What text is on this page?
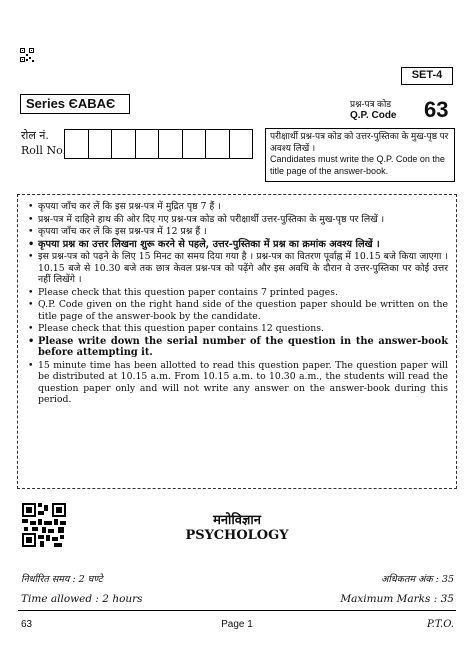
SET-4
Series ЄABAЄ	प्रश्न-पत्र कोड
Q.P. Code 63
रोल नं.
Roll No.

परीक्षार्थी प्रश्न-पत्र कोड को उत्तर-पुस्तिका के मुख-पृष्ठ पर अवश्य लिखें ।

Candidates must write the Q.P. Code on the title page of the answer-book.

• कृपया जाँच कर लें कि इस प्रश्न-पत्र में मुद्रित पृष्ठ 7 हैं ।
• प्रश्न-पत्र में दाहिने हाथ की ओर दिए गए प्रश्न-पत्र कोड को परीक्षार्थी उत्तर-पुस्तिका के मुख-पृष्ठ पर लिखें ।
• कृपया जाँच कर लें कि इस प्रश्न-पत्र में 12 प्रश्न हैं ।
• कृपया प्रश्न का उत्तर लिखना शुरू करने से पहले, उत्तर-पुस्तिका में प्रश्न का क्रमांक अवश्य लिखें ।
• इस प्रश्न-पत्र को पढ़ने के लिए 15 मिनट का समय दिया गया है । प्रश्न-पत्र का वितरण पूर्वाह्न में 10.15 बजे किया जाएगा । 10.15 बजे से 10.30 बजे तक छात्र केवल प्रश्न-पत्र को पढ़ेंगे और इस अवधि के दौरान वे उत्तर-पुस्तिका पर कोई उत्तर नहीं लिखेंगे ।
• Please check that this question paper contains 7 printed pages.
• Q.P. Code given on the right hand side of the question paper should be written on the title page of the answer-book by the candidate.
• Please check that this question paper contains 12 questions.
• Please write down the serial number of the question in the answer-book before attempting it.
• 15 minute time has been allotted to read this question paper. The question paper will be distributed at 10.15 a.m. From 10.15 a.m. to 10.30 a.m., the students will read the question paper only and will not write any answer on the answer-book during this period.
मनोविज्ञान
PSYCHOLOGY
निर्धारित समय : 2 घण्टे	अधिकतम अंक : 35
Time allowed : 2 hours	Maximum Marks : 35
63	Page 1	P.T.O.
